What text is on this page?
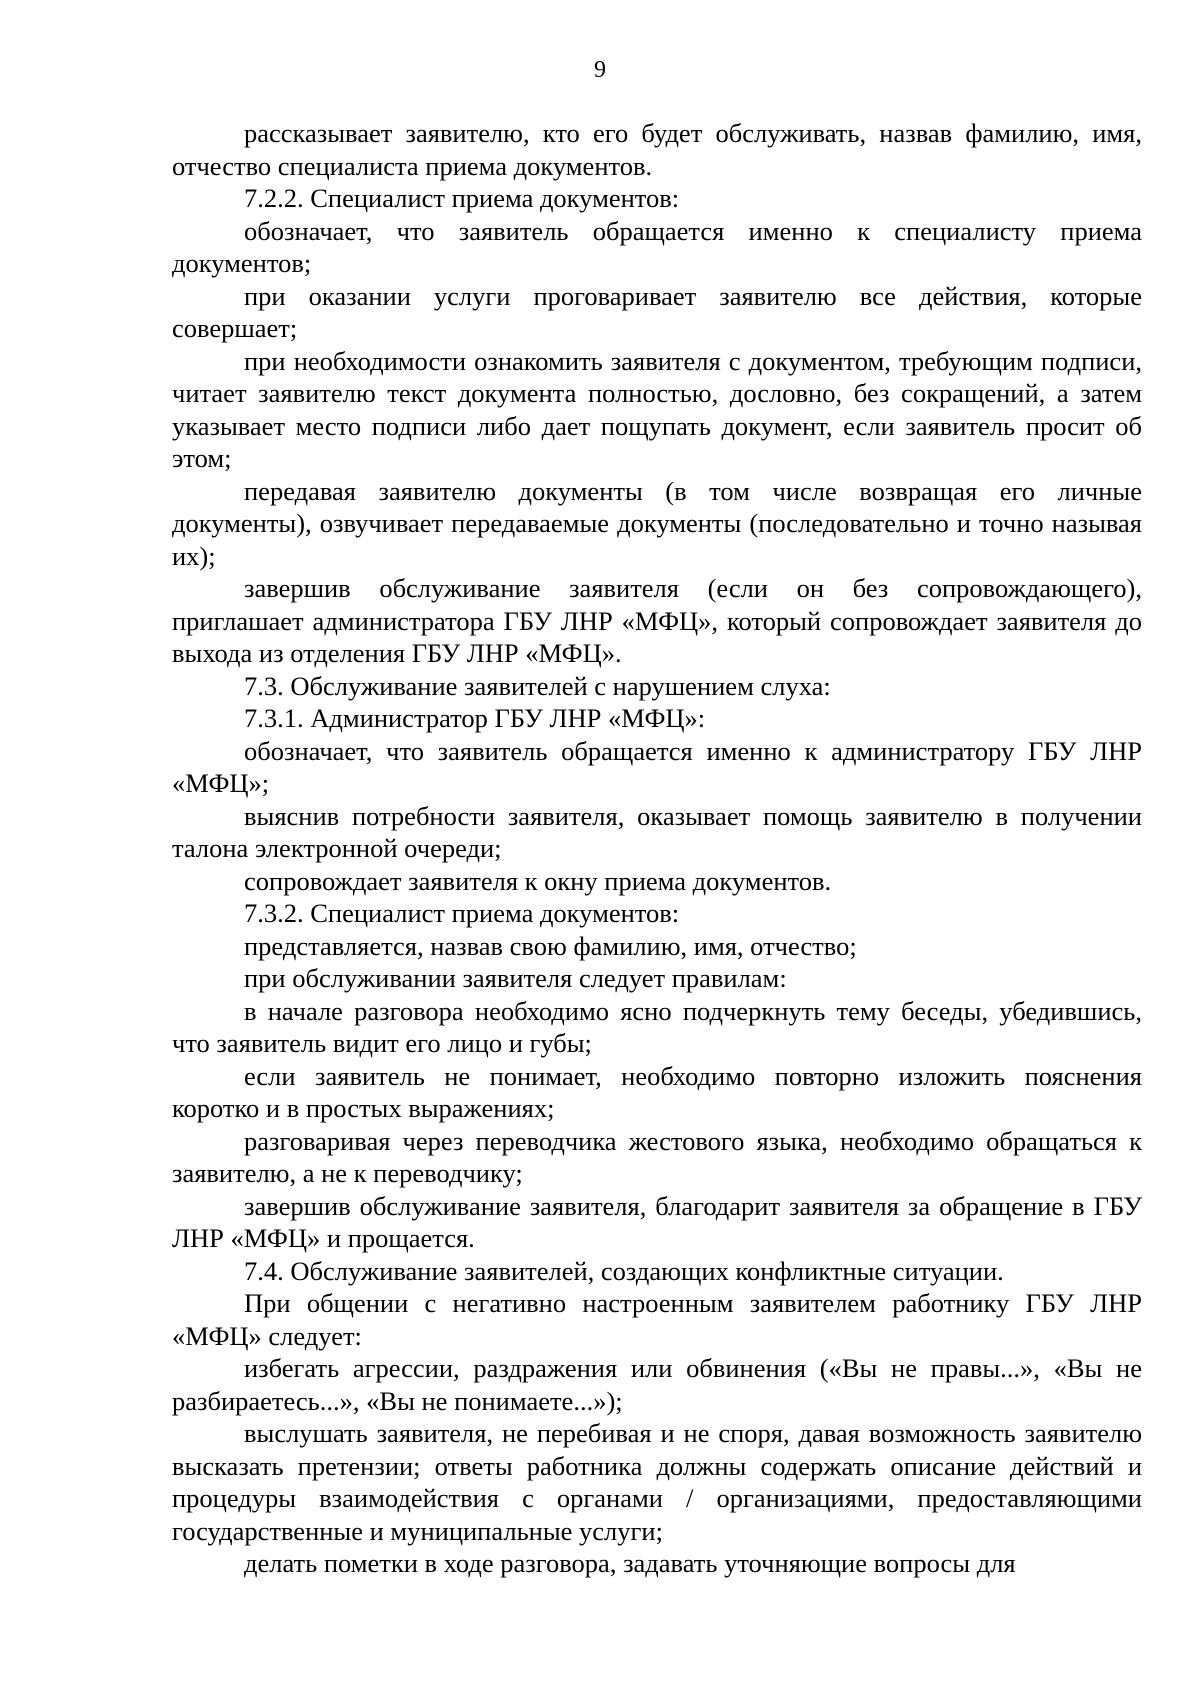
9

рассказывает заявителю, кто его будет обслуживать, назвав фамилию, имя, отчество специалиста приема документов.

7.2.2. Специалист приема документов:

обозначает, что заявитель обращается именно к специалисту приема документов;

при оказании услуги проговаривает заявителю все действия, которые совершает;

при необходимости ознакомить заявителя с документом, требующим подписи, читает заявителю текст документа полностью, дословно, без сокращений, а затем указывает место подписи либо дает пощупать документ, если заявитель просит об этом;

передавая заявителю документы (в том числе возвращая его личные документы), озвучивает передаваемые документы (последовательно и точно называя их);

завершив обслуживание заявителя (если он без сопровождающего), приглашает администратора ГБУ ЛНР «МФЦ», который сопровождает заявителя до выхода из отделения ГБУ ЛНР «МФЦ».

7.3. Обслуживание заявителей с нарушением слуха:

7.3.1. Администратор ГБУ ЛНР «МФЦ»:

обозначает, что заявитель обращается именно к администратору ГБУ ЛНР «МФЦ»;

выяснив потребности заявителя, оказывает помощь заявителю в получении талона электронной очереди;

сопровождает заявителя к окну приема документов.

7.3.2. Специалист приема документов:

представляется, назвав свою фамилию, имя, отчество;

при обслуживании заявителя следует правилам:

в начале разговора необходимо ясно подчеркнуть тему беседы, убедившись, что заявитель видит его лицо и губы;

если заявитель не понимает, необходимо повторно изложить пояснения коротко и в простых выражениях;

разговаривая через переводчика жестового языка, необходимо обращаться к заявителю, а не к переводчику;

завершив обслуживание заявителя, благодарит заявителя за обращение в ГБУ ЛНР «МФЦ» и прощается.

7.4. Обслуживание заявителей, создающих конфликтные ситуации.

При общении с негативно настроенным заявителем работнику ГБУ ЛНР «МФЦ» следует:

избегать агрессии, раздражения или обвинения («Вы не правы...», «Вы не разбираетесь...», «Вы не понимаете...»);

выслушать заявителя, не перебивая и не споря, давая возможность заявителю высказать претензии; ответы работника должны содержать описание действий и процедуры взаимодействия с органами / организациями, предоставляющими государственные и муниципальные услуги;

делать пометки в ходе разговора, задавать уточняющие вопросы для
